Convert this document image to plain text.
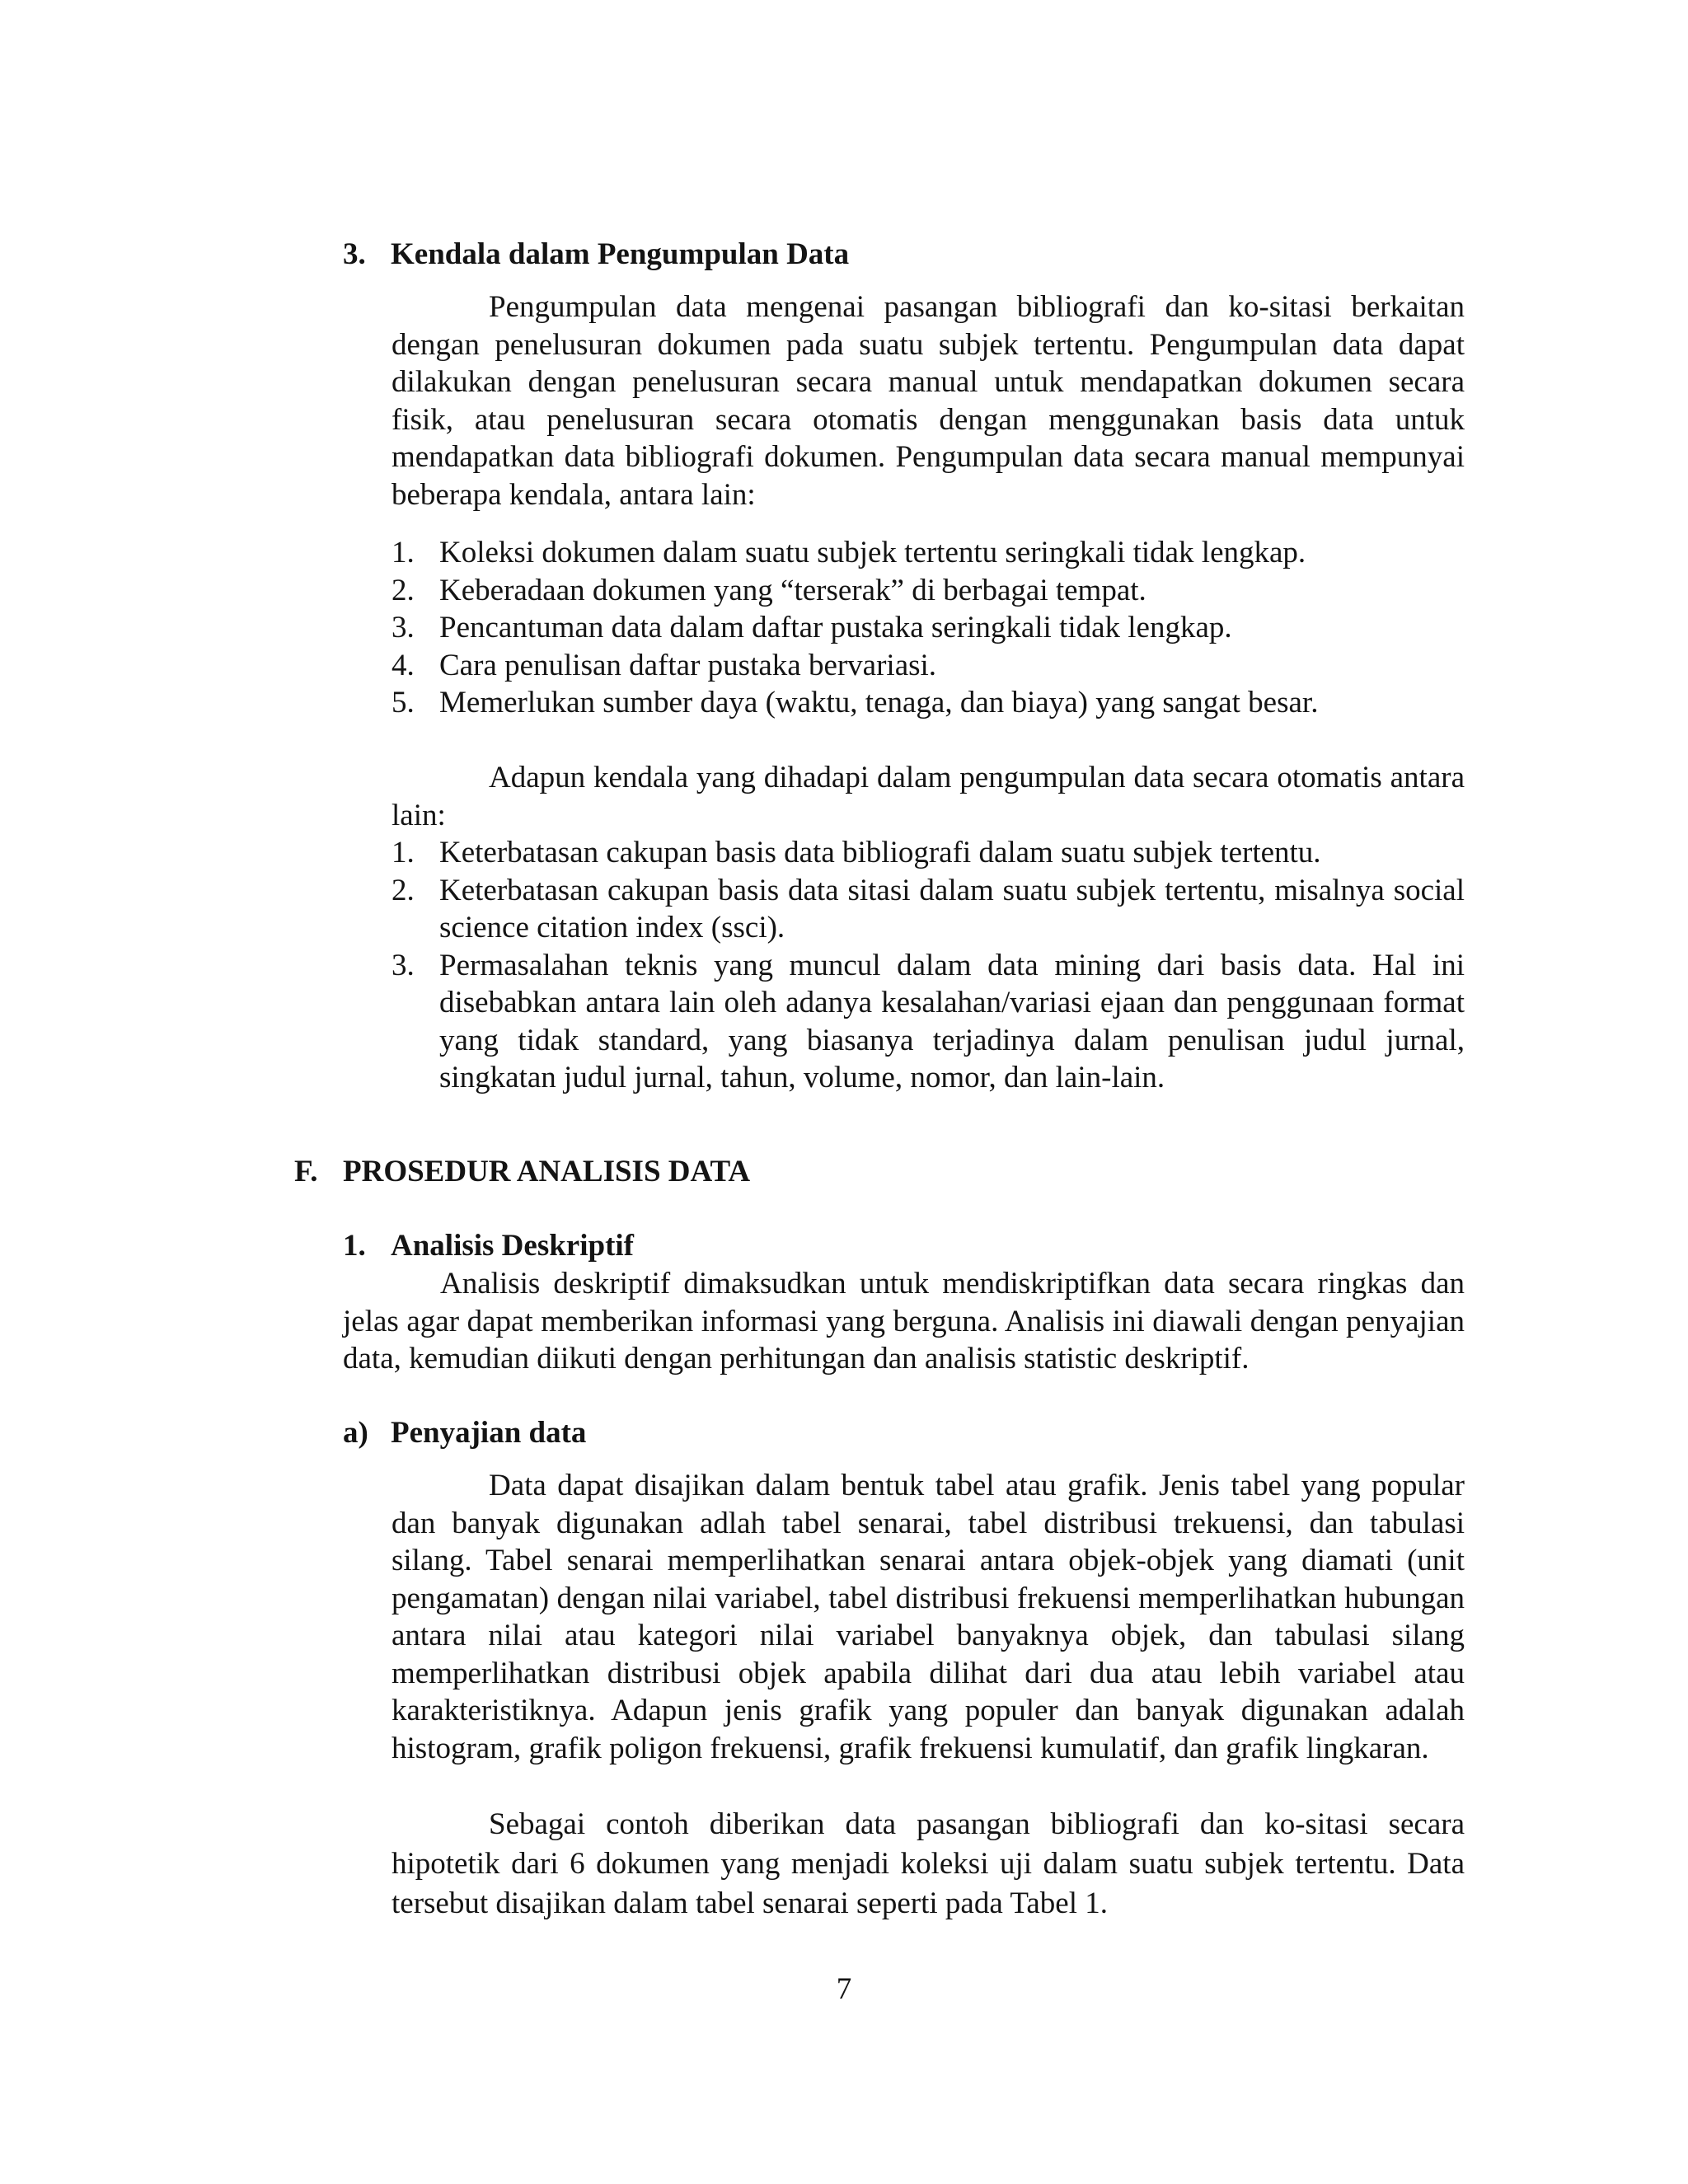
3. Kendala dalam Pengumpulan Data
Pengumpulan data mengenai pasangan bibliografi dan ko-sitasi berkaitan dengan penelusuran dokumen pada suatu subjek tertentu. Pengumpulan data dapat dilakukan dengan penelusuran secara manual untuk mendapatkan dokumen secara fisik, atau penelusuran secara otomatis dengan menggunakan basis data untuk mendapatkan data bibliografi dokumen. Pengumpulan data secara manual mempunyai beberapa kendala, antara lain:
1. Koleksi dokumen dalam suatu subjek tertentu seringkali tidak lengkap.
2. Keberadaan dokumen yang “terserak” di berbagai tempat.
3. Pencantuman data dalam daftar pustaka seringkali tidak lengkap.
4. Cara penulisan daftar pustaka bervariasi.
5. Memerlukan sumber daya (waktu, tenaga, dan biaya) yang sangat besar.
Adapun kendala yang dihadapi dalam pengumpulan data secara otomatis antara lain:
1. Keterbatasan cakupan basis data bibliografi dalam suatu subjek tertentu.
2. Keterbatasan cakupan basis data sitasi dalam suatu subjek tertentu, misalnya social science citation index (ssci).
3. Permasalahan teknis yang muncul dalam data mining dari basis data. Hal ini disebabkan antara lain oleh adanya kesalahan/variasi ejaan dan penggunaan format yang tidak standard, yang biasanya terjadinya dalam penulisan judul jurnal, singkatan judul jurnal, tahun, volume, nomor, dan lain-lain.
F. PROSEDUR ANALISIS DATA
1. Analisis Deskriptif
Analisis deskriptif dimaksudkan untuk mendiskriptifkan data secara ringkas dan jelas agar dapat memberikan informasi yang berguna. Analisis ini diawali dengan penyajian data, kemudian diikuti dengan perhitungan dan analisis statistic deskriptif.
a) Penyajian data
Data dapat disajikan dalam bentuk tabel atau grafik. Jenis tabel yang popular dan banyak digunakan adlah tabel senarai, tabel distribusi trekuensi, dan tabulasi silang. Tabel senarai memperlihatkan senarai antara objek-objek yang diamati (unit pengamatan) dengan nilai variabel, tabel distribusi frekuensi memperlihatkan hubungan antara nilai atau kategori nilai variabel banyaknya objek, dan tabulasi silang memperlihatkan distribusi objek apabila dilihat dari dua atau lebih variabel atau karakteristiknya. Adapun jenis grafik yang populer dan banyak digunakan adalah histogram, grafik poligon frekuensi, grafik frekuensi kumulatif, dan grafik lingkaran.
Sebagai contoh diberikan data pasangan bibliografi dan ko-sitasi secara hipotetik dari 6 dokumen yang menjadi koleksi uji dalam suatu subjek tertentu. Data tersebut disajikan dalam tabel senarai seperti pada Tabel 1.
7
